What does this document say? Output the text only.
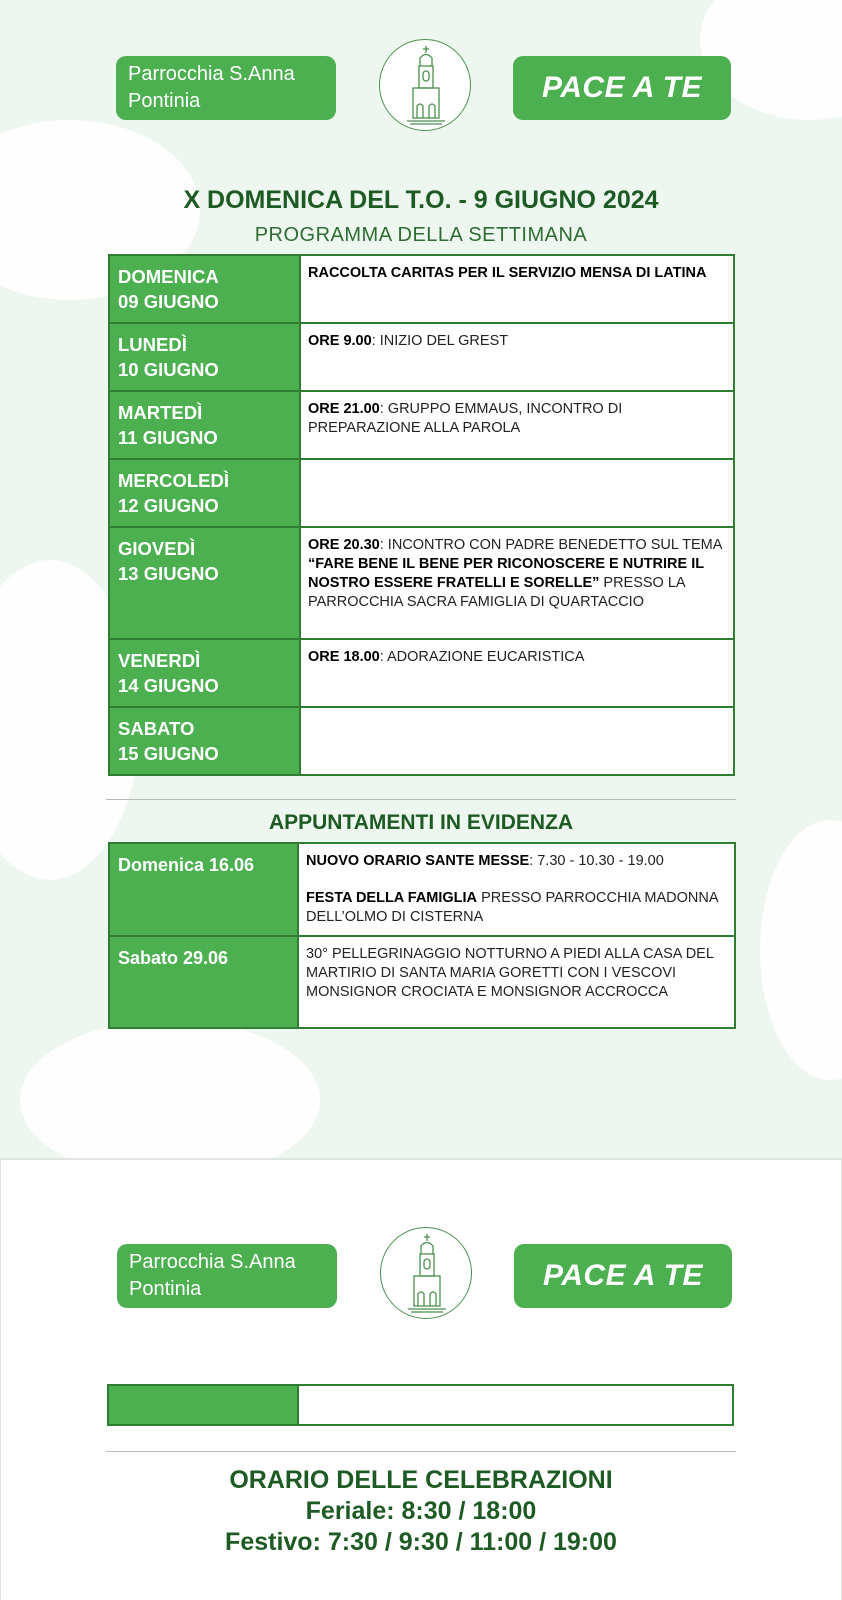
Parrocchia S.Anna
Pontinia	PACE A TE
X DOMENICA DEL T.O. - 9 GIUGNO 2024
PROGRAMMA DELLA SETTIMANA
DOMENICA
09 GIUGNO	RACCOLTA CARITAS PER IL SERVIZIO MENSA DI LATINA

LUNEDÌ
10 GIUGNO	ORE 9.00: INIZIO DEL GREST

MARTEDÌ
11 GIUGNO	ORE 21.00: GRUPPO EMMAUS, INCONTRO DI PREPARAZIONE ALLA PAROLA

MERCOLEDÌ
12 GIUGNO	

GIOVEDÌ
13 GIUGNO	ORE 20.30: INCONTRO CON PADRE BENEDETTO SUL TEMA “FARE BENE IL BENE PER RICONOSCERE E NUTRIRE IL NOSTRO ESSERE FRATELLI E SORELLE” PRESSO LA PARROCCHIA SACRA FAMIGLIA DI QUARTACCIO

VENERDÌ
14 GIUGNO	ORE 18.00: ADORAZIONE EUCARISTICA

SABATO
15 GIUGNO	

APPUNTAMENTI IN EVIDENZA
Domenica 16.06	NUOVO ORARIO SANTE MESSE: 7.30 - 10.30 - 19.00
FESTA DELLA FAMIGLIA PRESSO PARROCCHIA MADONNA DELL’OLMO DI CISTERNA

Sabato 29.06	30° PELLEGRINAGGIO NOTTURNO A PIEDI ALLA CASA DEL MARTIRIO DI SANTA MARIA GORETTI CON I VESCOVI MONSIGNOR CROCIATA E MONSIGNOR ACCROCCA
Parrocchia S.Anna
Pontinia	PACE A TE
ORARIO DELLE CELEBRAZIONI
Feriale: 8:30 / 18:00
Festivo: 7:30 / 9:30 / 11:00 / 19:00
